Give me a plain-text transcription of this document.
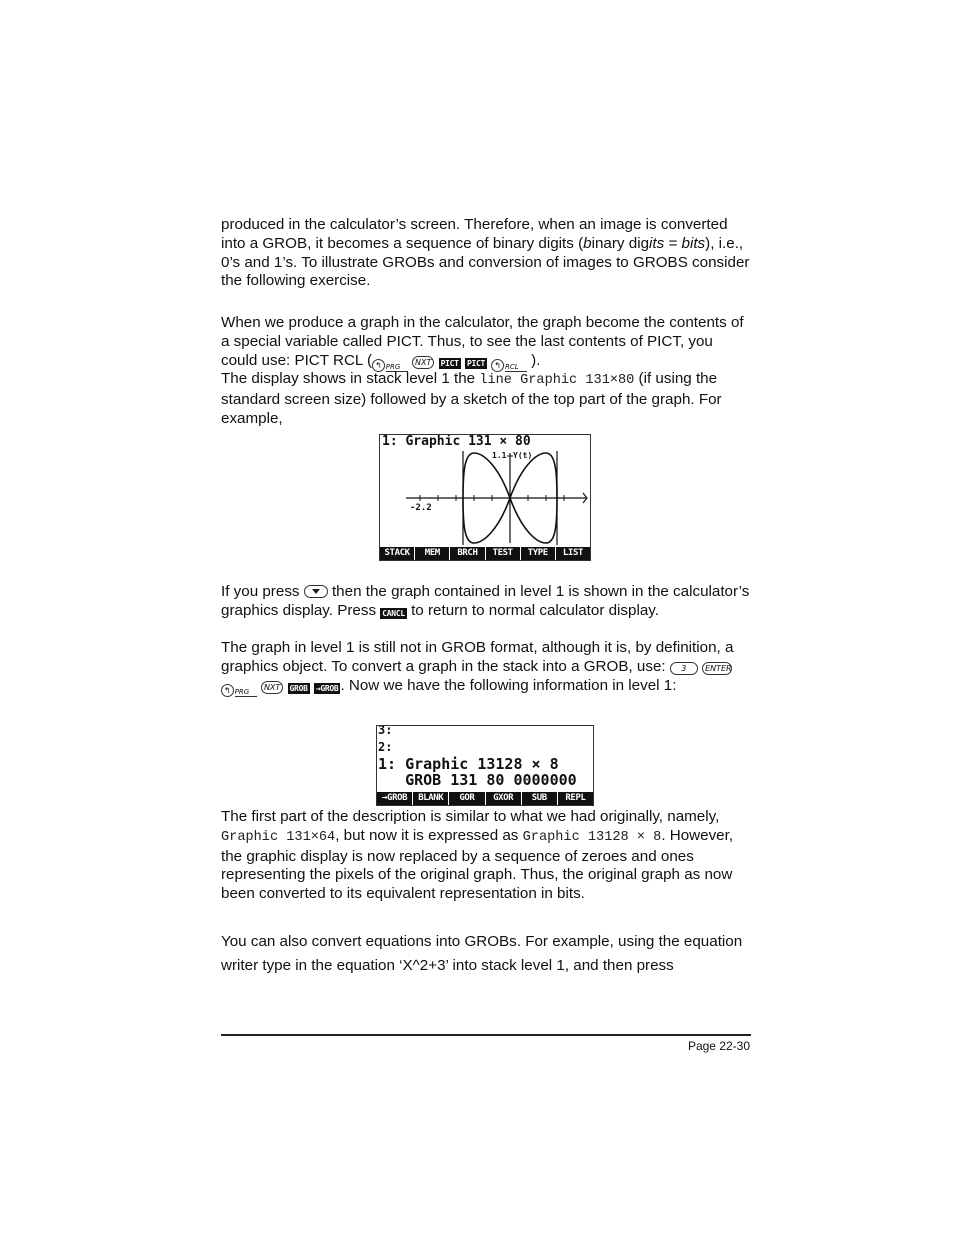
produced in the calculator’s screen. Therefore, when an image is converted into a GROB, it becomes a sequence of binary digits (binary digits = bits), i.e., 0’s and 1’s. To illustrate GROBs and conversion of images to GROBS consider the following exercise.
When we produce a graph in the calculator, the graph become the contents of a special variable called PICT. Thus, to see the last contents of PICT, you could use: PICT RCL ( ↰ PRG NXT PICT PICT ↰ RCL ).
The display shows in stack level 1 the line Graphic 131×80 (if using the standard screen size) followed by a sketch of the top part of the graph. For example,
1: Graphic 131 × 80
1.1 Y(t)
-2.2
STACK	MEM	BRCH	TEST	TYPE	LIST
If you press  then the graph contained in level 1 is shown in the calculator’s graphics display. Press CANCL to return to normal calculator display.
The graph in level 1 is still not in GROB format, although it is, by definition, a graphics object. To convert a graph in the stack into a GROB, use: 3 ENTER ↰ PRG NXT GROB →GROB . Now we have the following information in level 1:
3:
2:
1: Graphic 13128 × 8
GROB 131 80 0000000
→GROB	BLANK	GOR	GXOR	SUB	REPL
The first part of the description is similar to what we had originally, namely, Graphic 131×64, but now it is expressed as Graphic 13128 × 8. However, the graphic display is now replaced by a sequence of zeroes and ones representing the pixels of the original graph. Thus, the original graph as now been converted to its equivalent representation in bits.
You can also convert equations into GROBs. For example, using the equation
writer type in the equation ‘X^2+3’ into stack level 1, and then press
Page 22-30
